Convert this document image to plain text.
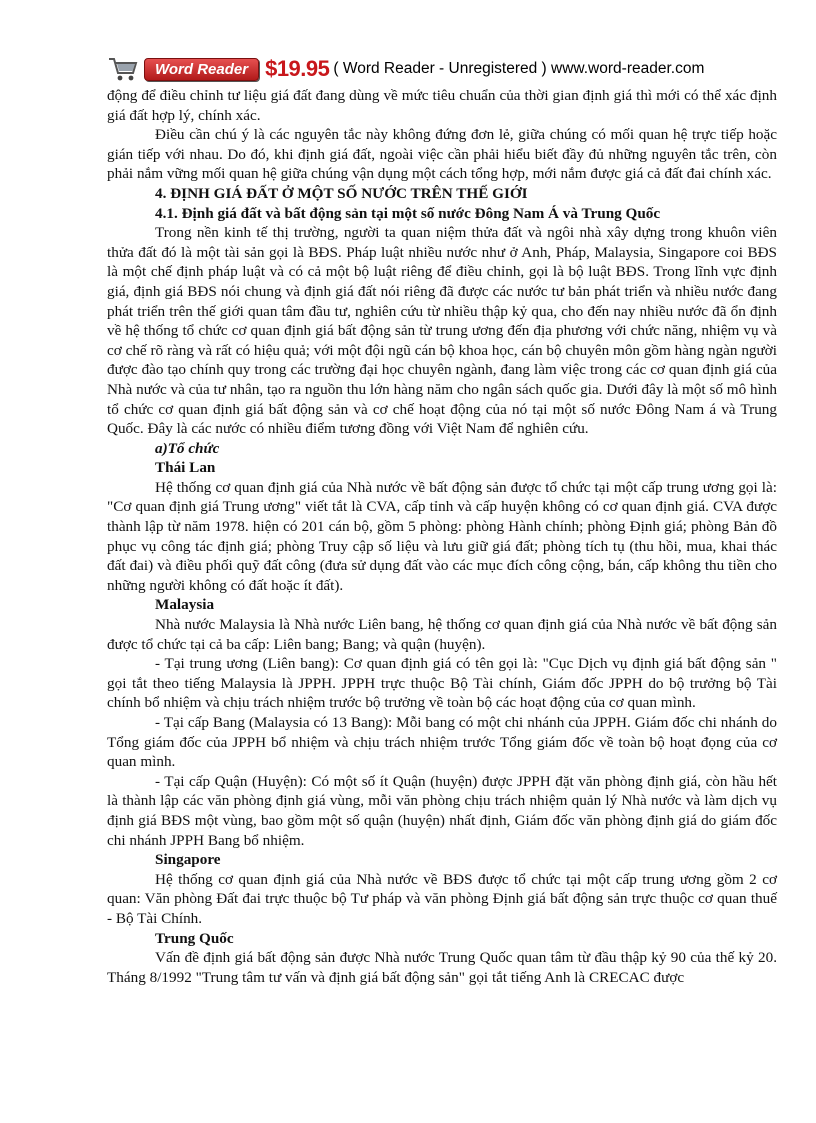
Word Reader $19.95 ( Word Reader - Unregistered ) www.word-reader.com

động để điều chỉnh tư liệu giá đất đang dùng về mức tiêu chuẩn của thời gian định giá thì mới có thể xác định giá đất hợp lý, chính xác.

Điều cần chú ý là các nguyên tắc này không đứng đơn lẻ, giữa chúng có mối quan hệ trực tiếp hoặc gián tiếp với nhau. Do đó, khi định giá đất, ngoài việc cần phải hiểu biết đầy đủ những nguyên tắc trên, còn phải nắm vững mối quan hệ giữa chúng vận dụng một cách tổng hợp, mới nắm được giá cả đất đai chính xác.

4. ĐỊNH GIÁ ĐẤT Ở MỘT SỐ NƯỚC TRÊN THẾ GIỚI
4.1. Định giá đất và bất động sản tại một số nước Đông Nam Á và Trung Quốc

Trong nền kinh tế thị trường, người ta quan niệm thửa đất và ngôi nhà xây dựng trong khuôn viên thửa đất đó là một tài sản gọi là BĐS. Pháp luật nhiều nước như ở Anh, Pháp, Malaysia, Singapore coi BĐS là một chế định pháp luật và có cả một bộ luật riêng để điều chỉnh, gọi là bộ luật BĐS. Trong lĩnh vực định giá, định giá BĐS nói chung và định giá đất nói riêng đã được các nước tư bản phát triển và nhiều nước đang phát triển trên thế giới quan tâm đầu tư, nghiên cứu từ nhiều thập kỷ qua, cho đến nay nhiều nước đã ổn định về hệ thống tổ chức cơ quan định giá bất động sản từ trung ương đến địa phương với chức năng, nhiệm vụ và cơ chế rõ ràng và rất có hiệu quả; với một đội ngũ cán bộ khoa học, cán bộ chuyên môn gồm hàng ngàn người được đào tạo chính quy trong các trường đại học chuyên ngành, đang làm việc trong các cơ quan định giá của Nhà nước và của tư nhân, tạo ra nguồn thu lớn hàng năm cho ngân sách quốc gia. Dưới đây là một số mô hình tổ chức cơ quan định giá bất động sản và cơ chế hoạt động của nó tại một số nước Đông Nam á và Trung Quốc. Đây là các nước có nhiều điểm tương đồng với Việt Nam để nghiên cứu.

a)Tổ chức
Thái Lan

Hệ thống cơ quan định giá của Nhà nước về bất động sản được tổ chức tại một cấp trung ương gọi là: "Cơ quan định giá Trung ương" viết tắt là CVA, cấp tỉnh và cấp huyện không có cơ quan định giá. CVA được thành lập từ năm 1978. hiện có 201 cán bộ, gồm 5 phòng: phòng Hành chính; phòng Định giá; phòng Bản đồ phục vụ công tác định giá; phòng Truy cập số liệu và lưu giữ giá đất; phòng tích tụ (thu hồi, mua, khai thác đất đai) và điều phối quỹ đất công (đưa sử dụng đất vào các mục đích công cộng, bán, cấp không thu tiền cho những người không có đất hoặc ít đất).

Malaysia

Nhà nước Malaysia là Nhà nước Liên bang, hệ thống cơ quan định giá của Nhà nước về bất động sản được tổ chức tại cả ba cấp: Liên bang; Bang; và quận (huyện).

- Tại trung ương (Liên bang): Cơ quan định giá có tên gọi là: "Cục Dịch vụ định giá bất động sản " gọi tắt theo tiếng Malaysia là JPPH. JPPH trực thuộc Bộ Tài chính, Giám đốc JPPH do bộ trưởng bộ Tài chính bổ nhiệm và chịu trách nhiệm trước bộ trưởng về toàn bộ các hoạt động của cơ quan mình.

- Tại cấp Bang (Malaysia có 13 Bang): Mỗi bang có một chi nhánh của JPPH. Giám đốc chi nhánh do Tổng giám đốc của JPPH bổ nhiệm và chịu trách nhiệm trước Tổng giám đốc về toàn bộ hoạt đọng của cơ quan mình.

- Tại cấp Quận (Huyện): Có một số ít Quận (huyện) được JPPH đặt văn phòng định giá, còn hầu hết là thành lập các văn phòng định giá vùng, mỗi văn phòng chịu trách nhiệm quản lý Nhà nước và làm dịch vụ định giá BĐS một vùng, bao gồm một số quận (huyện) nhất định, Giám đốc văn phòng định giá do giám đốc chi nhánh JPPH Bang bổ nhiệm.

Singapore

Hệ thống cơ quan định giá của Nhà nước về BĐS được tổ chức tại một cấp trung ương gồm 2 cơ quan: Văn phòng Đất đai trực thuộc bộ Tư pháp và văn phòng Định giá bất động sản trực thuộc cơ quan thuế - Bộ Tài Chính.

Trung Quốc

Vấn đề định giá bất động sản được Nhà nước Trung Quốc quan tâm từ đầu thập kỷ 90 của thế kỷ 20. Tháng 8/1992 "Trung tâm tư vấn và định giá bất động sản" gọi tắt tiếng Anh là CRECAC được
